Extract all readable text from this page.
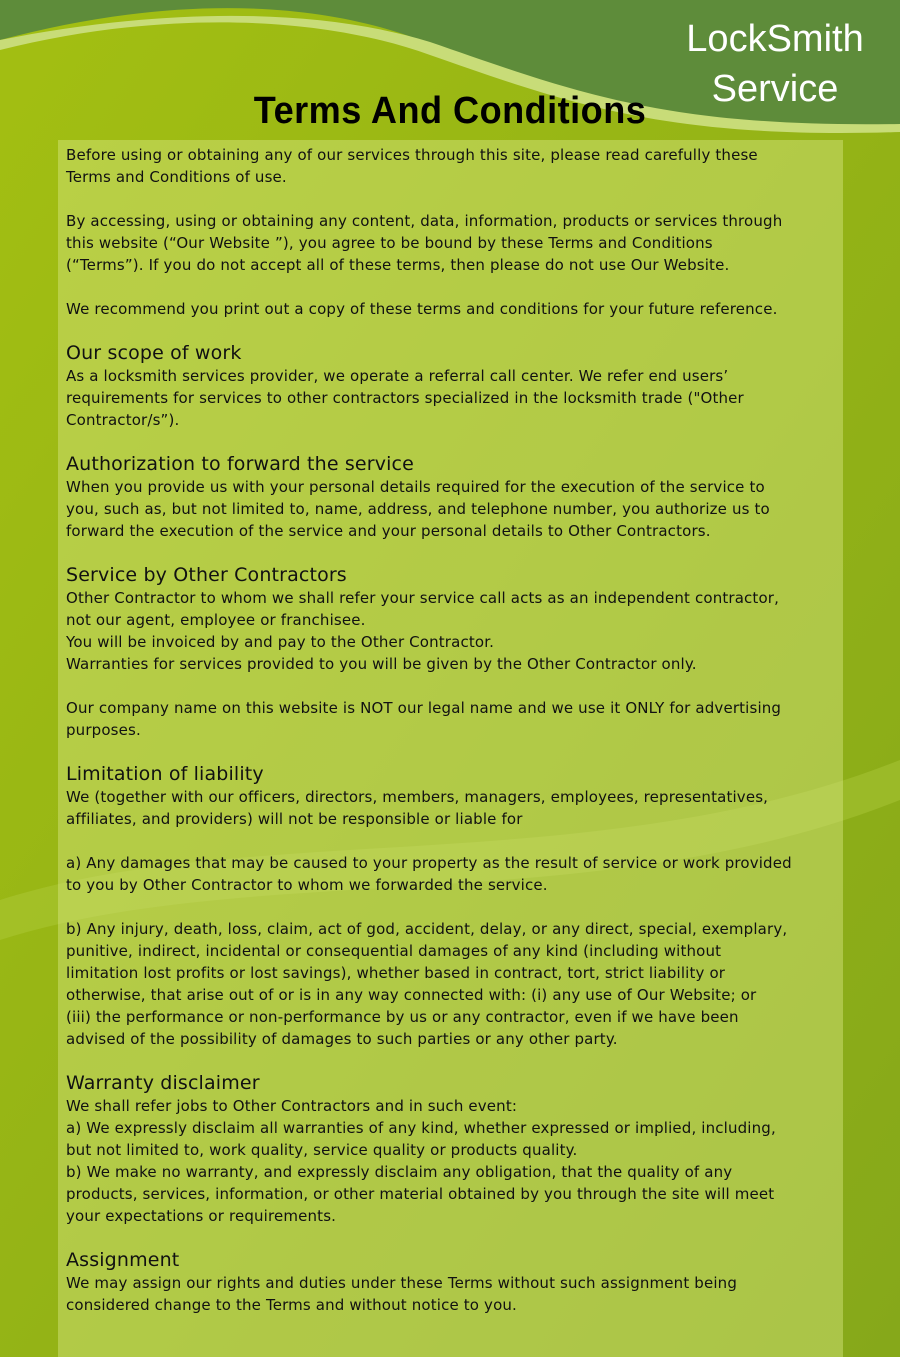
LockSmith
Service
Terms And Conditions

Before using or obtaining any of our services through this site, please read carefully these
Terms and Conditions of use.

By accessing, using or obtaining any content, data, information, products or services through
this website (“Our Website ”), you agree to be bound by these Terms and Conditions
(“Terms”). If you do not accept all of these terms, then please do not use Our Website.

We recommend you print out a copy of these terms and conditions for your future reference.

Our scope of work

As a locksmith services provider, we operate a referral call center. We refer end users’
requirements for services to other contractors specialized in the locksmith trade ("Other
Contractor/s”).

Authorization to forward the service

When you provide us with your personal details required for the execution of the service to
you, such as, but not limited to, name, address, and telephone number, you authorize us to
forward the execution of the service and your personal details to Other Contractors.

Service by Other Contractors

Other Contractor to whom we shall refer your service call acts as an independent contractor,
not our agent, employee or franchisee.
You will be invoiced by and pay to the Other Contractor.
Warranties for services provided to you will be given by the Other Contractor only.

Our company name on this website is NOT our legal name and we use it ONLY for advertising
purposes.

Limitation of liability

We (together with our officers, directors, members, managers, employees, representatives,
affiliates, and providers) will not be responsible or liable for

a) Any damages that may be caused to your property as the result of service or work provided
to you by Other Contractor to whom we forwarded the service.

b) Any injury, death, loss, claim, act of god, accident, delay, or any direct, special, exemplary,
punitive, indirect, incidental or consequential damages of any kind (including without
limitation lost profits or lost savings), whether based in contract, tort, strict liability or
otherwise, that arise out of or is in any way connected with: (i) any use of Our Website; or
(iii) the performance or non-performance by us or any contractor, even if we have been
advised of the possibility of damages to such parties or any other party.

Warranty disclaimer

We shall refer jobs to Other Contractors and in such event:
a) We expressly disclaim all warranties of any kind, whether expressed or implied, including,
but not limited to, work quality, service quality or products quality.
b) We make no warranty, and expressly disclaim any obligation, that the quality of any
products, services, information, or other material obtained by you through the site will meet
your expectations or requirements.

Assignment

We may assign our rights and duties under these Terms without such assignment being
considered change to the Terms and without notice to you.
